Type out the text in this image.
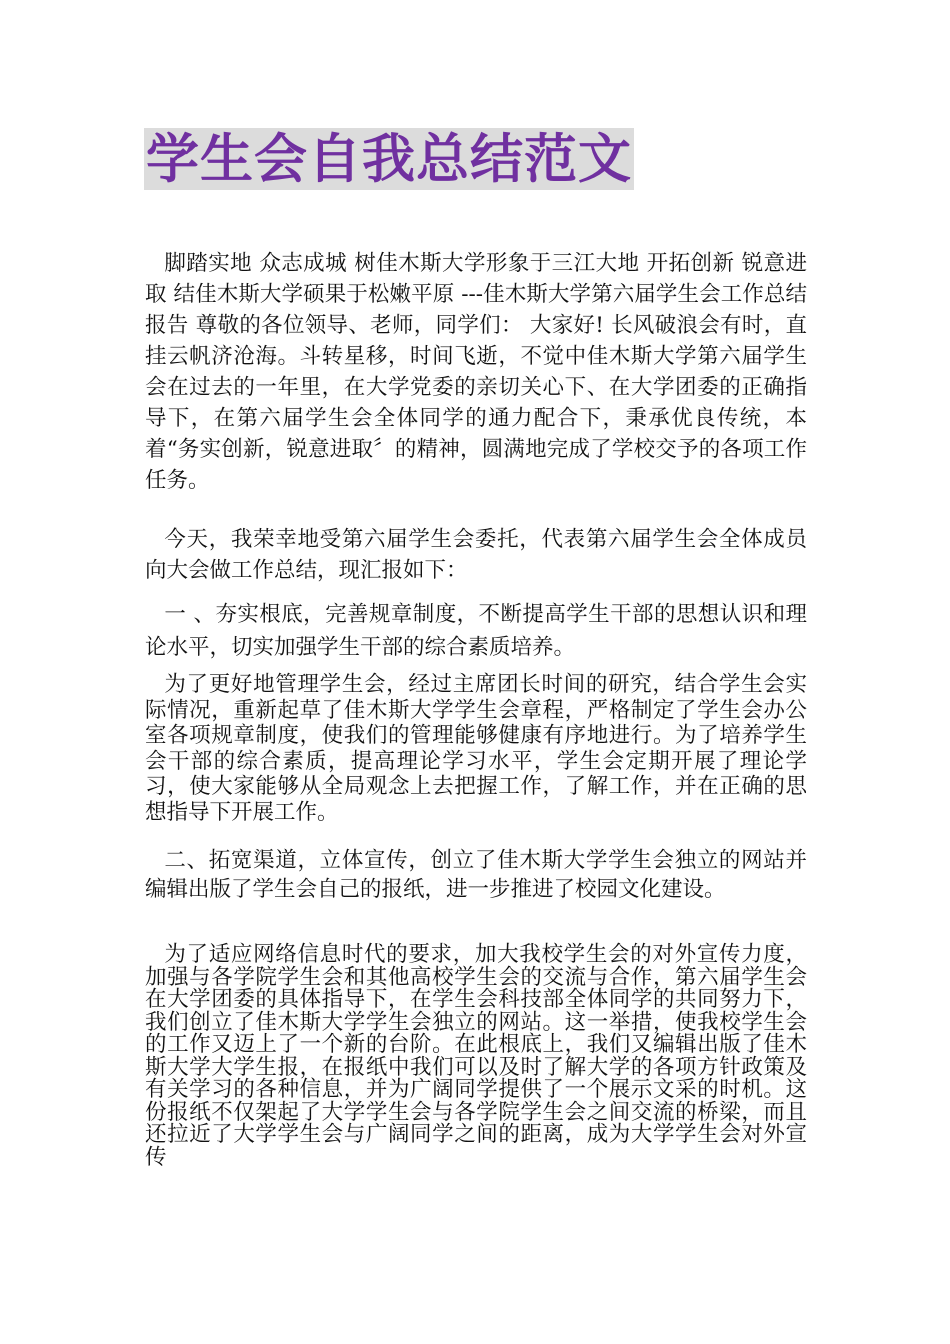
学生会自我总结范文

脚踏实地 众志成城 树佳木斯大学形象于三江大地 开拓创新 锐意进取 结佳木斯大学硕果于松嫩平原 ---佳木斯大学第六届学生会工作总结报告 尊敬的各位领导、老师，同学们： 大家好! 长风破浪会有时，直挂云帆济沧海。斗转星移，时间飞逝，不觉中佳木斯大学第六届学生会在过去的一年里，在大学党委的亲切关心下、在大学团委的正确指导下，在第六届学生会全体同学的通力配合下，秉承优良传统，本着“务实创新，锐意进取〞的精神，圆满地完成了学校交予的各项工作任务。

今天，我荣幸地受第六届学生会委托，代表第六届学生会全体成员向大会做工作总结，现汇报如下：

一 、夯实根底，完善规章制度，不断提高学生干部的思想认识和理论水平，切实加强学生干部的综合素质培养。

为了更好地管理学生会，经过主席团长时间的研究，结合学生会实际情况，重新起草了佳木斯大学学生会章程，严格制定了学生会办公室各项规章制度，使我们的管理能够健康有序地进行。为了培养学生会干部的综合素质，提高理论学习水平，学生会定期开展了理论学习，使大家能够从全局观念上去把握工作，了解工作，并在正确的思想指导下开展工作。

二、拓宽渠道，立体宣传，创立了佳木斯大学学生会独立的网站并编辑出版了学生会自己的报纸，进一步推进了校园文化建设。

为了适应网络信息时代的要求，加大我校学生会的对外宣传力度，加强与各学院学生会和其他高校学生会的交流与合作，第六届学生会在大学团委的具体指导下，在学生会科技部全体同学的共同努力下，我们创立了佳木斯大学学生会独立的网站。这一举措，使我校学生会的工作又迈上了一个新的台阶。在此根底上，我们又编辑出版了佳木斯大学大学生报，在报纸中我们可以及时了解大学的各项方针政策及有关学习的各种信息，并为广阔同学提供了一个展示文采的时机。这份报纸不仅架起了大学学生会与各学院学生会之间交流的桥梁，而且还拉近了大学学生会与广阔同学之间的距离，成为大学学生会对外宣传
